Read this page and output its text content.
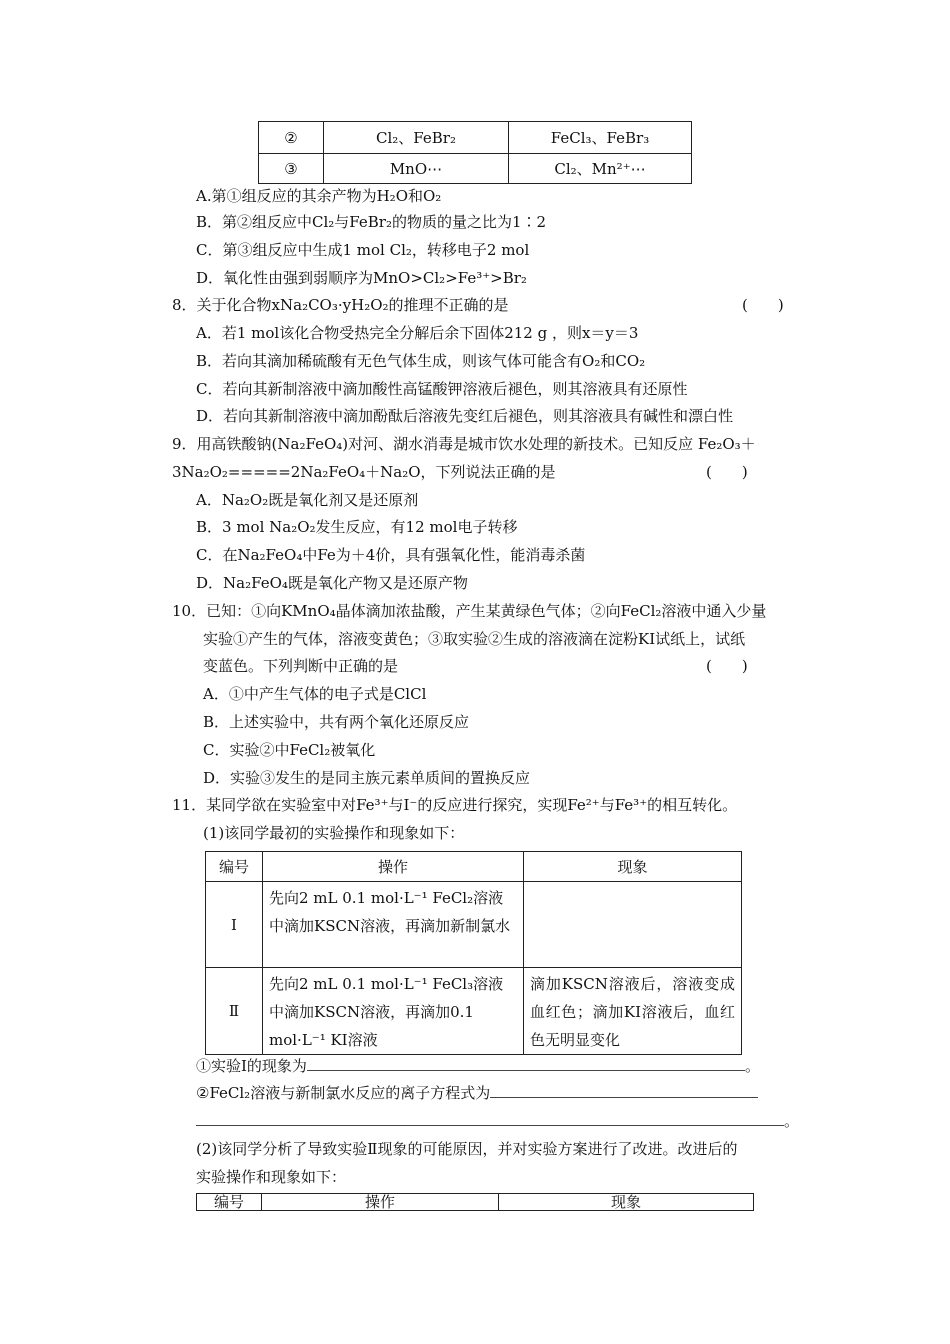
②	Cl₂、FeBr₂	FeCl₃、FeBr₃
③	MnO⋯	Cl₂、Mn²⁺⋯
A.第①组反应的其余产物为H₂O和O₂
B．第②组反应中Cl₂与FeBr₂的物质的量之比为1∶2
C．第③组反应中生成1 mol Cl₂，转移电子2 mol
D．氧化性由强到弱顺序为MnO>Cl₂>Fe³⁺>Br₂
8．关于化合物xNa₂CO₃·yH₂O₂的推理不正确的是	(　　)
A．若1 mol该化合物受热完全分解后余下固体212 g ，则x＝y＝3
B．若向其滴加稀硫酸有无色气体生成，则该气体可能含有O₂和CO₂
C．若向其新制溶液中滴加酸性高锰酸钾溶液后褪色，则其溶液具有还原性
D．若向其新制溶液中滴加酚酞后溶液先变红后褪色，则其溶液具有碱性和漂白性
9．用高铁酸钠(Na₂FeO₄)对河、湖水消毒是城市饮水处理的新技术。已知反应 Fe₂O₃＋
3Na₂O₂=====2Na₂FeO₄＋Na₂O，下列说法正确的是	(　　)
A．Na₂O₂既是氧化剂又是还原剂
B．3 mol Na₂O₂发生反应，有12 mol电子转移
C．在Na₂FeO₄中Fe为＋4价，具有强氧化性，能消毒杀菌
D．Na₂FeO₄既是氧化产物又是还原产物
10．已知：①向KMnO₄晶体滴加浓盐酸，产生某黄绿色气体；②向FeCl₂溶液中通入少量
实验①产生的气体，溶液变黄色；③取实验②生成的溶液滴在淀粉KI试纸上，试纸
变蓝色。下列判断中正确的是	(　　)
A．①中产生气体的电子式是ClCl
B．上述实验中，共有两个氧化还原反应
C．实验②中FeCl₂被氧化
D．实验③发生的是同主族元素单质间的置换反应
11．某同学欲在实验室中对Fe³⁺与I⁻的反应进行探究，实现Fe²⁺与Fe³⁺的相互转化。
(1)该同学最初的实验操作和现象如下：
编号	操作	现象
Ⅰ	先向2 mL 0.1 mol·L⁻¹ FeCl₂溶液中滴加KSCN溶液，再滴加新制氯水	
Ⅱ	先向2 mL 0.1 mol·L⁻¹ FeCl₃溶液中滴加KSCN溶液，再滴加0.1 mol·L⁻¹ KI溶液	滴加KSCN溶液后，溶液变成血红色；滴加KI溶液后，血红色无明显变化
①实验Ⅰ的现象为	。
②FeCl₂溶液与新制氯水反应的离子方程式为
。
(2)该同学分析了导致实验Ⅱ现象的可能原因，并对实验方案进行了改进。改进后的
实验操作和现象如下：
编号	操作	现象
